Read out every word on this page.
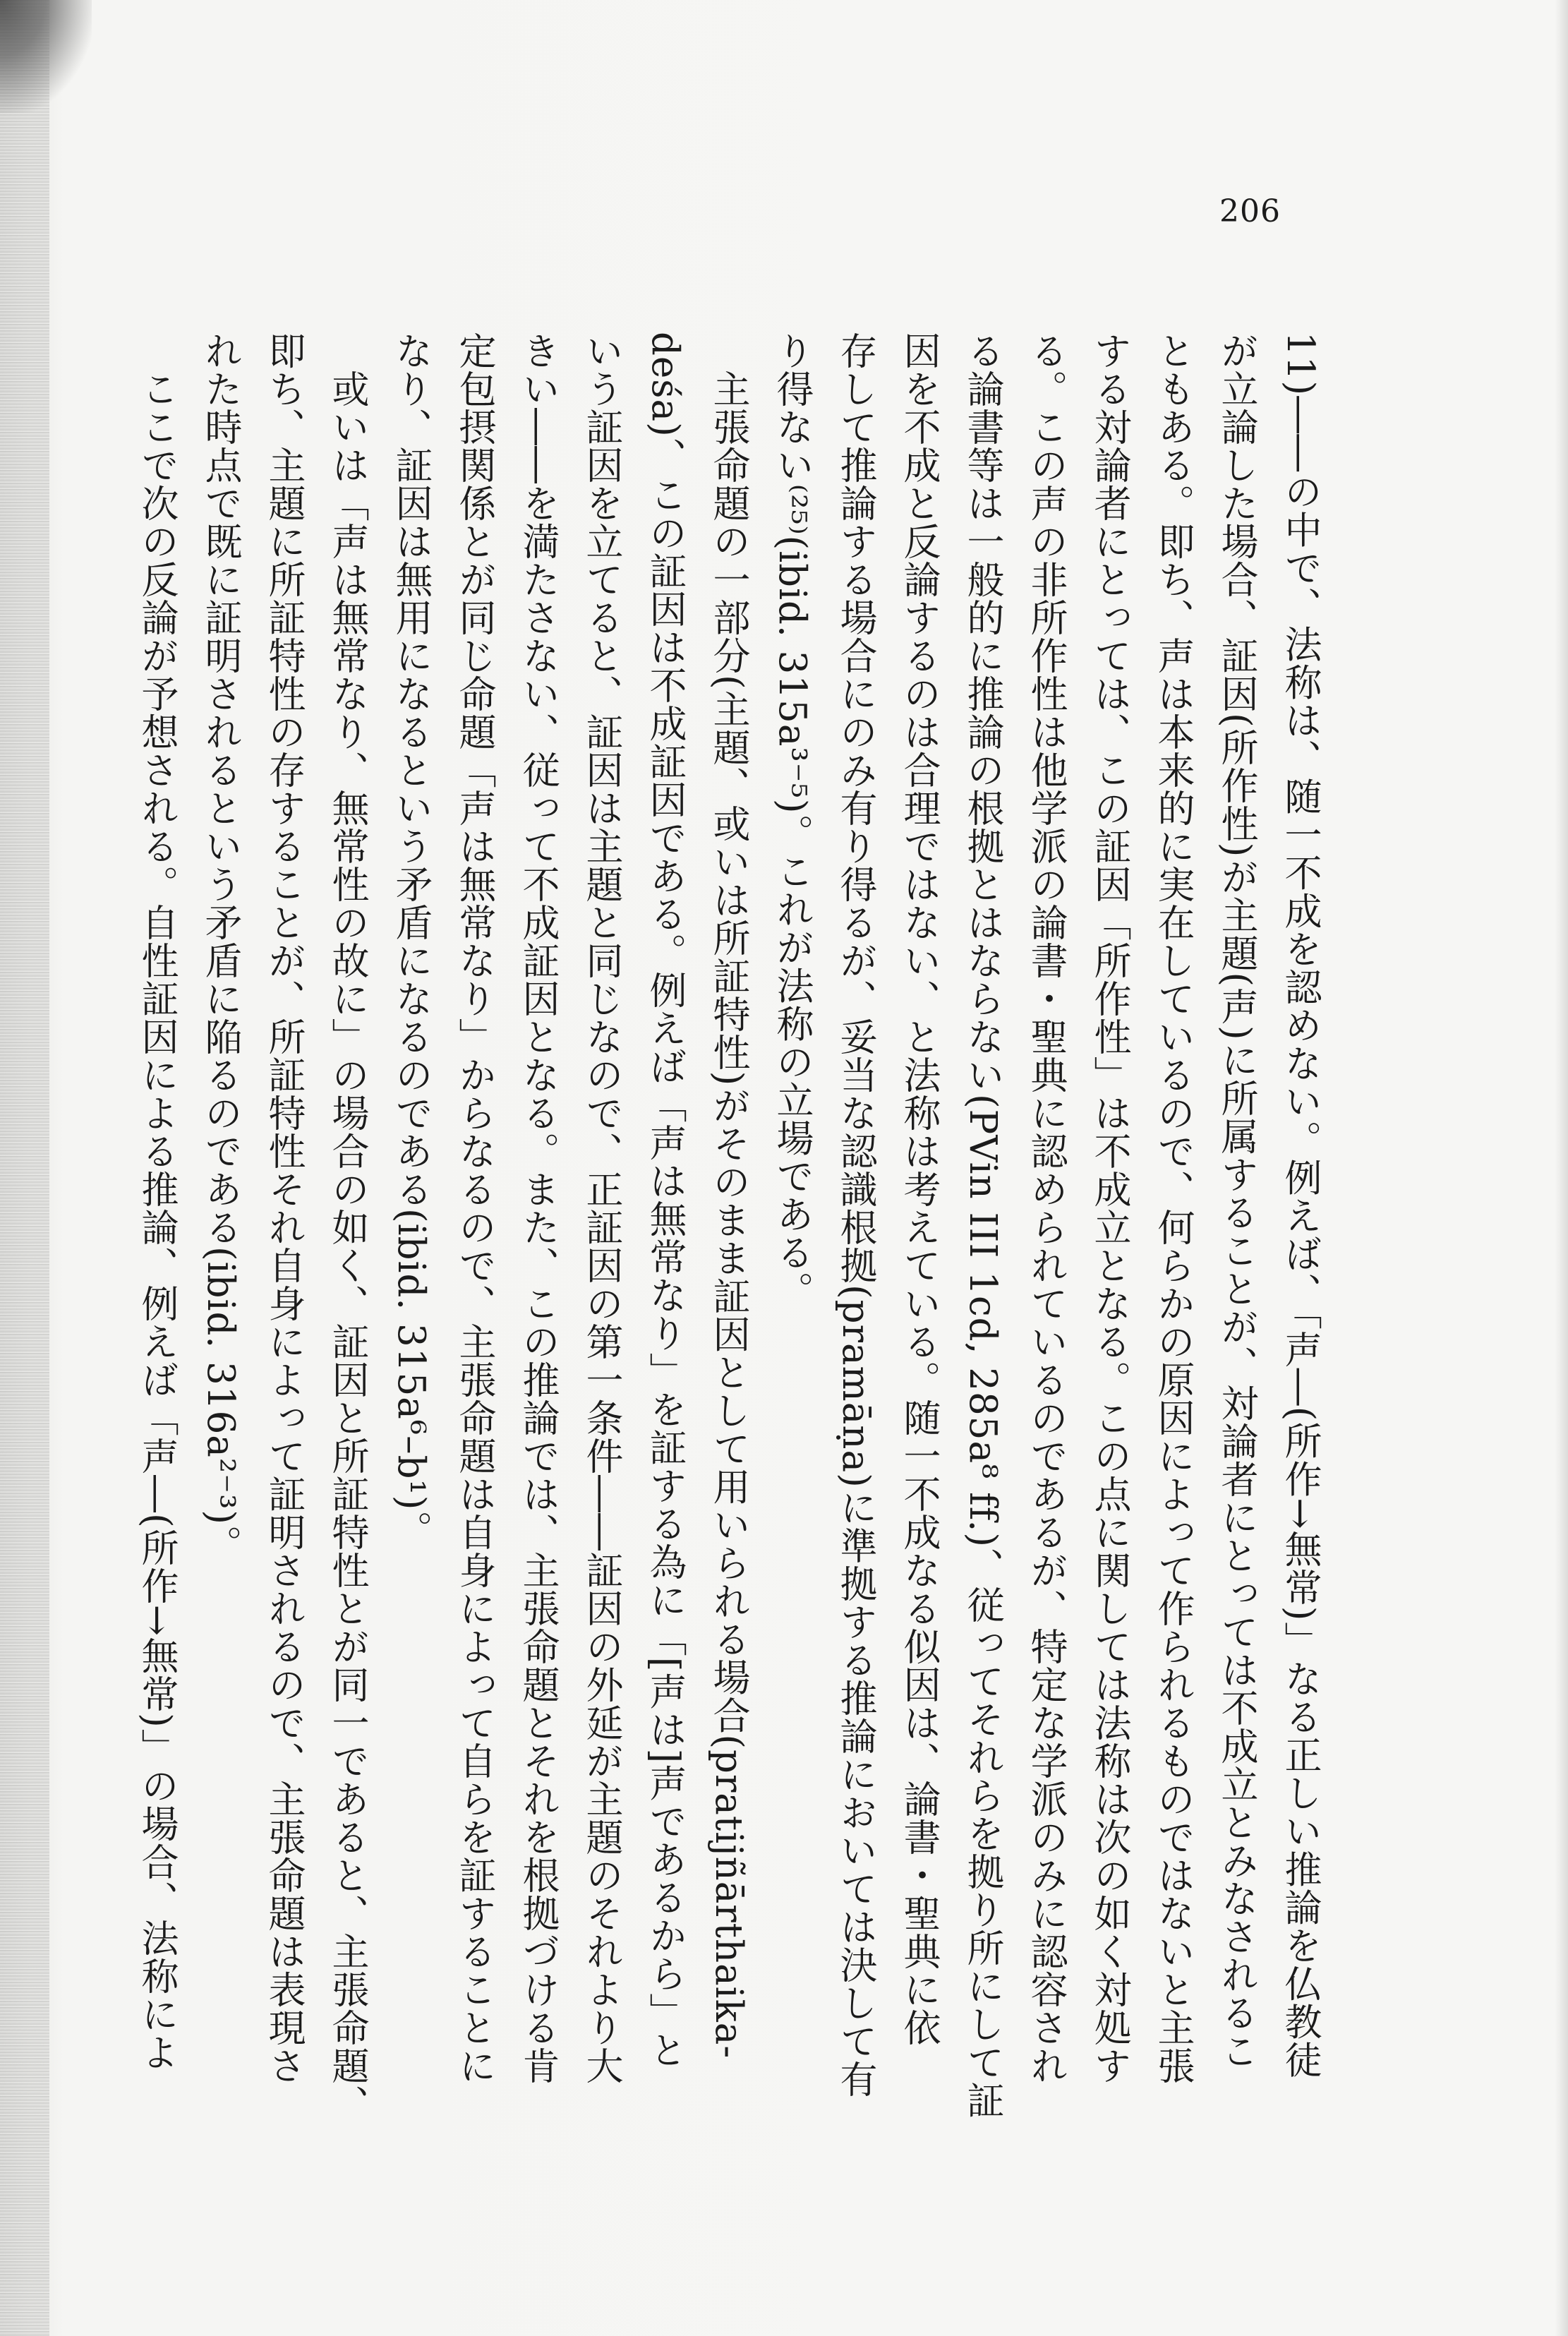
206
11)――の中で、法称は、随一不成を認めない。例えば、「声―(所作→無常)」なる正しい推論を仏教徒
が立論した場合、証因(所作性)が主題(声)に所属することが、対論者にとっては不成立とみなされるこ
ともある。即ち、声は本来的に実在しているので、何らかの原因によって作られるものではないと主張
する対論者にとっては、この証因「所作性」は不成立となる。この点に関しては法称は次の如く対処す
る。この声の非所作性は他学派の論書・聖典に認められているのであるが、特定な学派のみに認容され
る論書等は一般的に推論の根拠とはならない(PVin III 1cd, 285a⁸ ff.)、従ってそれらを拠り所にして証
因を不成と反論するのは合理ではない、と法称は考えている。随一不成なる似因は、論書・聖典に依
存して推論する場合にのみ有り得るが、妥当な認識根拠(pramāṇa)に準拠する推論においては決して有
り得ない⁽²⁵⁾(ibid. 315a³⁻⁵)。これが法称の立場である。
　主張命題の一部分(主題、或いは所証特性)がそのまま証因として用いられる場合(pratijñārthaika-
deśa)、この証因は不成証因である。例えば「声は無常なり」を証する為に「[声は]声であるから」と
いう証因を立てると、証因は主題と同じなので、正証因の第一条件――証因の外延が主題のそれより大
きい――を満たさない、従って不成証因となる。また、この推論では、主張命題とそれを根拠づける肯
定包摂関係とが同じ命題「声は無常なり」からなるので、主張命題は自身によって自らを証することに
なり、証因は無用になるという矛盾になるのである(ibid. 315a⁶–b¹)。
　或いは「声は無常なり、無常性の故に」の場合の如く、証因と所証特性とが同一であると、主張命題、
即ち、主題に所証特性の存することが、所証特性それ自身によって証明されるので、主張命題は表現さ
れた時点で既に証明されるという矛盾に陥るのである(ibid. 316a²⁻³)。
　ここで次の反論が予想される。自性証因による推論、例えば「声―(所作→無常)」の場合、法称によ
